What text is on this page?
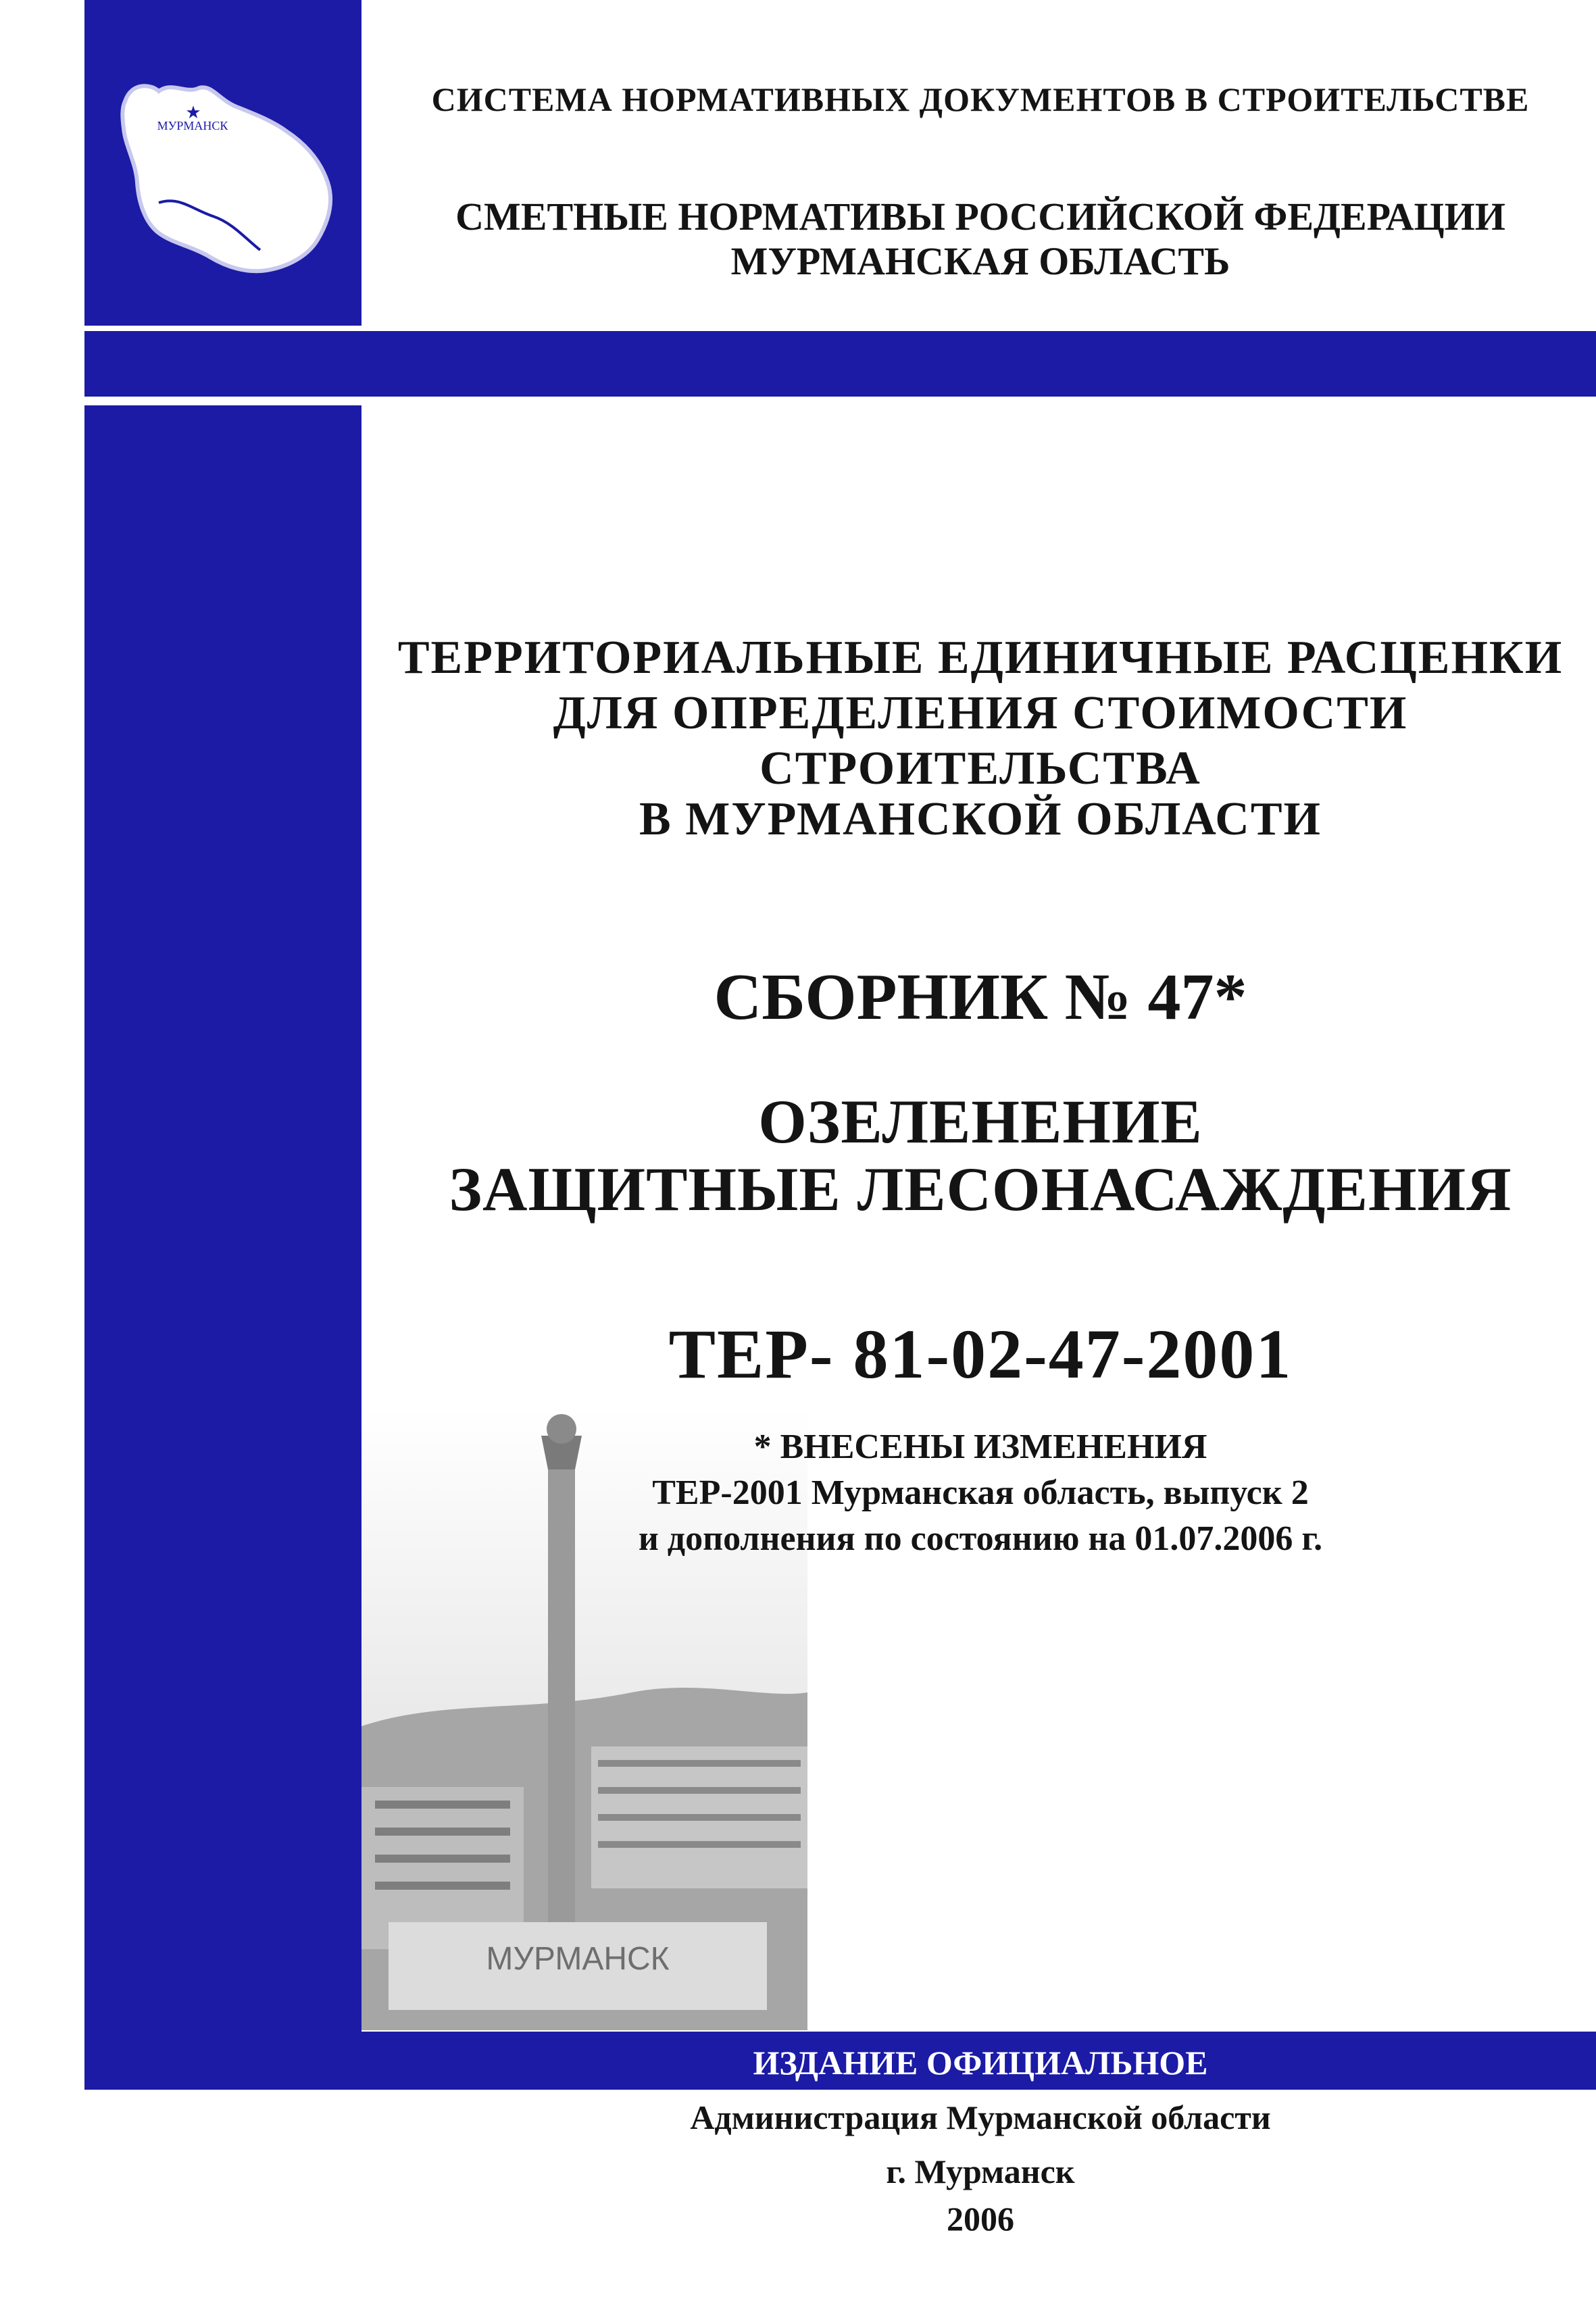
МУРМАНСК
★	СИСТЕМА НОРМАТИВНЫХ ДОКУМЕНТОВ В СТРОИТЕЛЬСТВЕ
СМЕТНЫЕ НОРМАТИВЫ РОССИЙСКОЙ ФЕДЕРАЦИИ
МУРМАНСКАЯ ОБЛАСТЬ
ТЕРРИТОРИАЛЬНЫЕ ЕДИНИЧНЫЕ РАСЦЕНКИ
ДЛЯ ОПРЕДЕЛЕНИЯ СТОИМОСТИ
СТРОИТЕЛЬСТВА
В МУРМАНСКОЙ ОБЛАСТИ
СБОРНИК № 47*
ОЗЕЛЕНЕНИЕ
ЗАЩИТНЫЕ ЛЕСОНАСАЖДЕНИЯ
МУРМАНСК
ТЕР- 81-02-47-2001
* ВНЕСЕНЫ ИЗМЕНЕНИЯ
ТЕР-2001 Мурманская область, выпуск 2
и дополнения по состоянию на 01.07.2006 г.
ИЗДАНИЕ ОФИЦИАЛЬНОЕ
Администрация Мурманской области
г. Мурманск
2006
